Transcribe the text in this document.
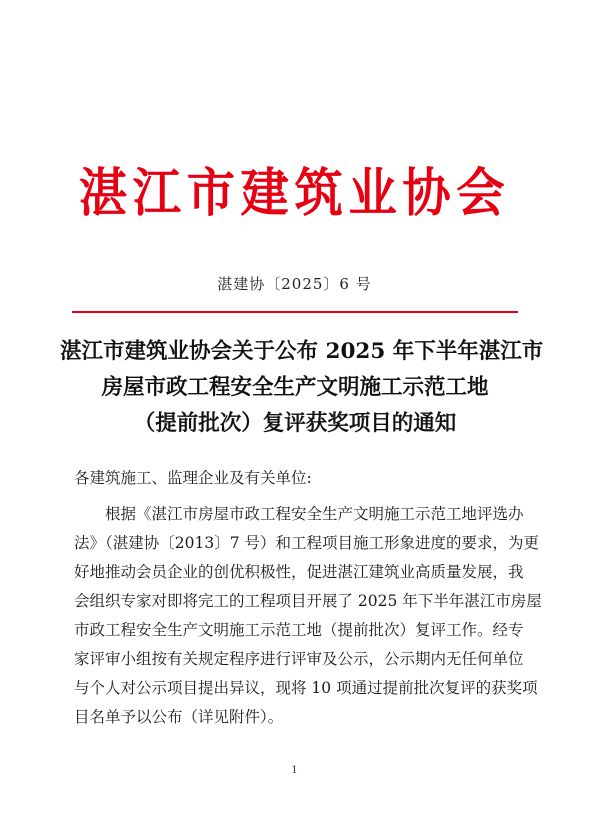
湛江市建筑业协会
湛建协〔2025〕6 号
湛江市建筑业协会关于公布 2025 年下半年湛江市
房屋市政工程安全生产文明施工示范工地
（提前批次）复评获奖项目的通知
各建筑施工、监理企业及有关单位:
根据《湛江市房屋市政工程安全生产文明施工示范工地评选办
法》（湛建协〔2013〕7 号）和工程项目施工形象进度的要求，为更
好地推动会员企业的创优积极性，促进湛江建筑业高质量发展，我
会组织专家对即将完工的工程项目开展了 2025 年下半年湛江市房屋
市政工程安全生产文明施工示范工地（提前批次）复评工作。经专
家评审小组按有关规定程序进行评审及公示，公示期内无任何单位
与个人对公示项目提出异议，现将 10 项通过提前批次复评的获奖项
目名单予以公布（详见附件）。
1
